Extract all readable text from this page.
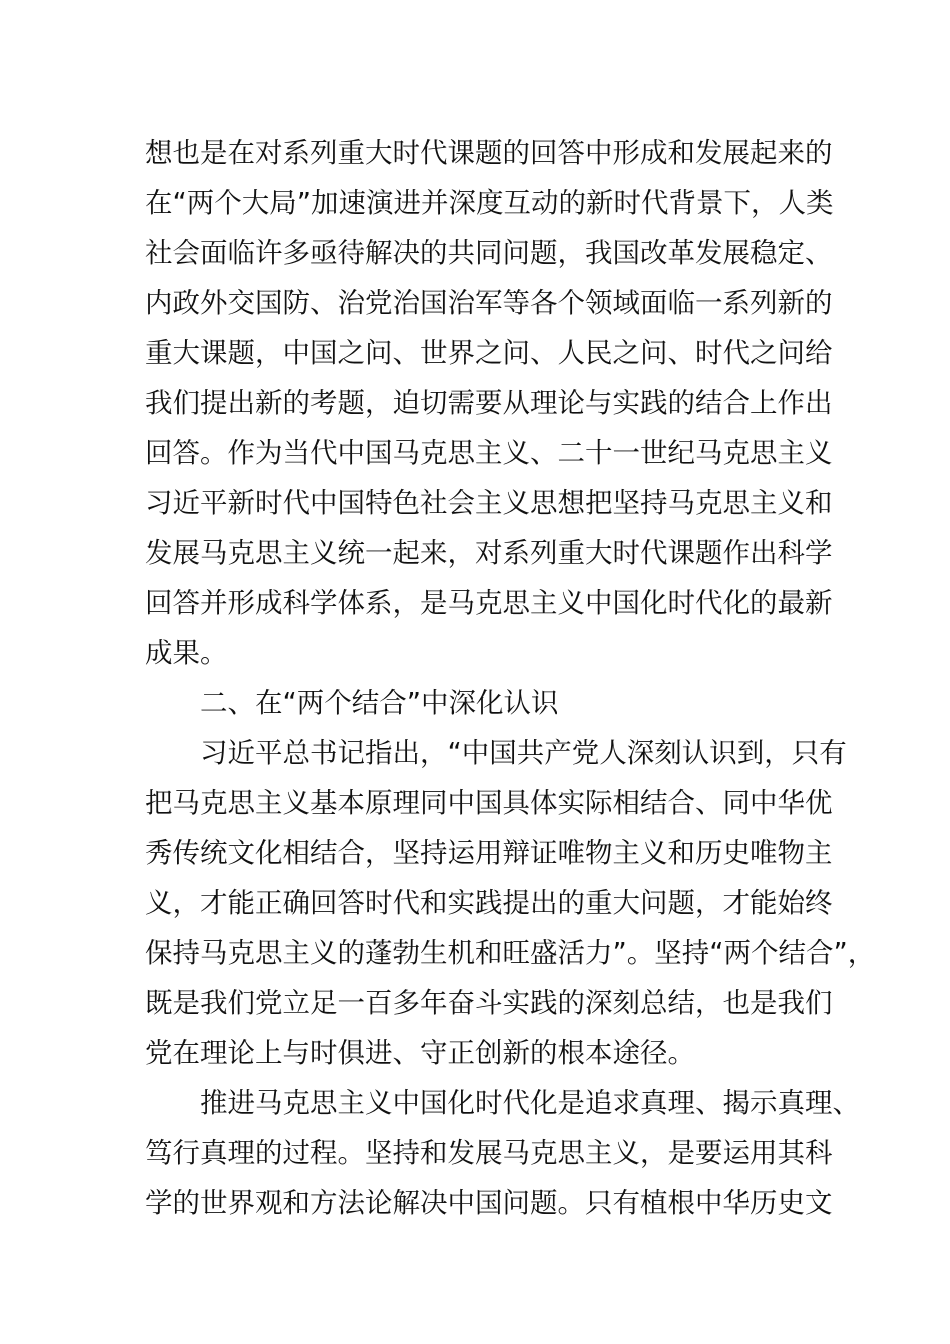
想也是在对系列重大时代课题的回答中形成和发展起来的
在“两个大局”加速演进并深度互动的新时代背景下，人类
社会面临许多亟待解决的共同问题，我国改革发展稳定、
内政外交国防、治党治国治军等各个领域面临一系列新的
重大课题，中国之问、世界之问、人民之问、时代之问给
我们提出新的考题，迫切需要从理论与实践的结合上作出
回答。作为当代中国马克思主义、二十一世纪马克思主义
习近平新时代中国特色社会主义思想把坚持马克思主义和
发展马克思主义统一起来，对系列重大时代课题作出科学
回答并形成科学体系，是马克思主义中国化时代化的最新
成果。
二、在“两个结合”中深化认识
习近平总书记指出，“中国共产党人深刻认识到，只有
把马克思主义基本原理同中国具体实际相结合、同中华优
秀传统文化相结合，坚持运用辩证唯物主义和历史唯物主
义，才能正确回答时代和实践提出的重大问题，才能始终
保持马克思主义的蓬勃生机和旺盛活力”。坚持“两个结合”，
既是我们党立足一百多年奋斗实践的深刻总结，也是我们
党在理论上与时俱进、守正创新的根本途径。
推进马克思主义中国化时代化是追求真理、揭示真理、
笃行真理的过程。坚持和发展马克思主义，是要运用其科
学的世界观和方法论解决中国问题。只有植根中华历史文
